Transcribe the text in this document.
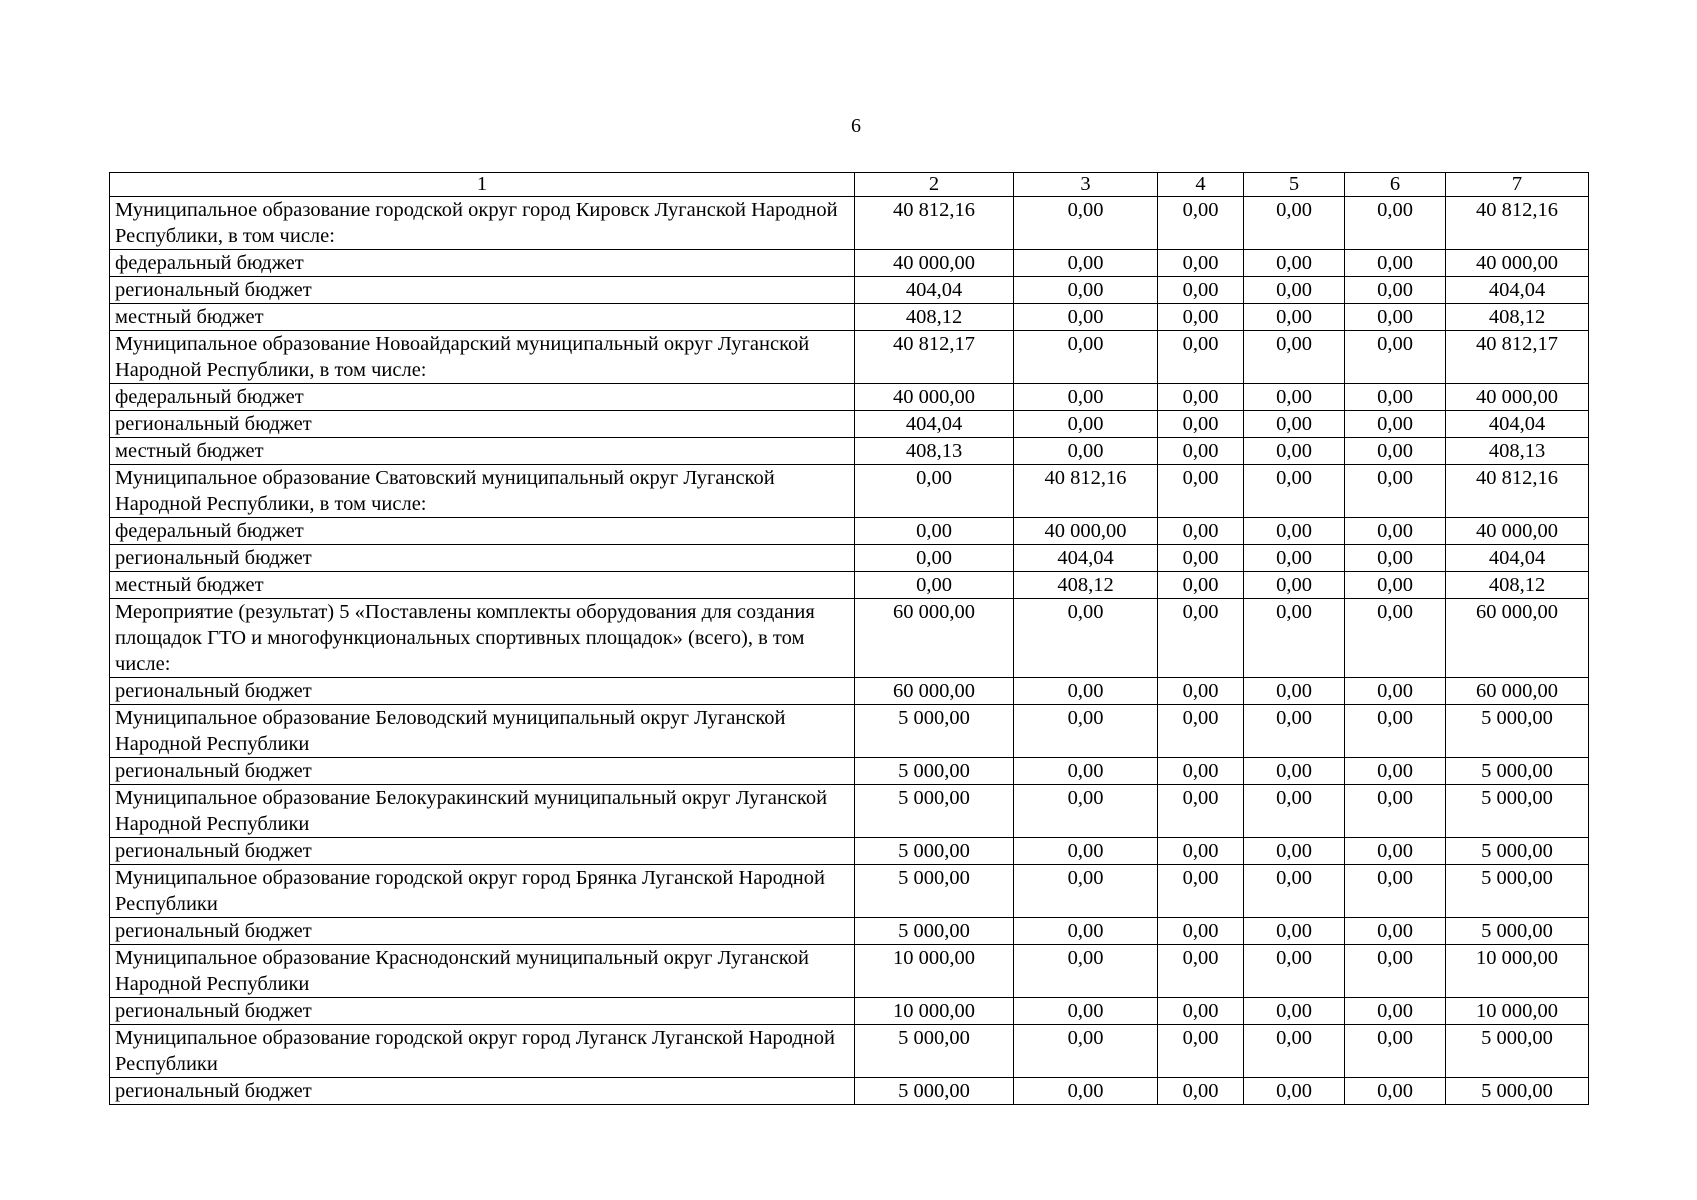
6
1	2	3	4	5	6	7
Муниципальное образование городской округ город Кировск Луганской Народной Республики, в том числе:	40 812,16	0,00	0,00	0,00	0,00	40 812,16
федеральный бюджет	40 000,00	0,00	0,00	0,00	0,00	40 000,00
региональный бюджет	404,04	0,00	0,00	0,00	0,00	404,04
местный бюджет	408,12	0,00	0,00	0,00	0,00	408,12
Муниципальное образование Новоайдарский муниципальный округ Луганской Народной Республики, в том числе:	40 812,17	0,00	0,00	0,00	0,00	40 812,17
федеральный бюджет	40 000,00	0,00	0,00	0,00	0,00	40 000,00
региональный бюджет	404,04	0,00	0,00	0,00	0,00	404,04
местный бюджет	408,13	0,00	0,00	0,00	0,00	408,13
Муниципальное образование Сватовский муниципальный округ Луганской Народной Республики, в том числе:	0,00	40 812,16	0,00	0,00	0,00	40 812,16
федеральный бюджет	0,00	40 000,00	0,00	0,00	0,00	40 000,00
региональный бюджет	0,00	404,04	0,00	0,00	0,00	404,04
местный бюджет	0,00	408,12	0,00	0,00	0,00	408,12
Мероприятие (результат) 5 «Поставлены комплекты оборудования для создания площадок ГТО и многофункциональных спортивных площадок» (всего), в том числе:	60 000,00	0,00	0,00	0,00	0,00	60 000,00
региональный бюджет	60 000,00	0,00	0,00	0,00	0,00	60 000,00
Муниципальное образование Беловодский муниципальный округ Луганской Народной Республики	5 000,00	0,00	0,00	0,00	0,00	5 000,00
региональный бюджет	5 000,00	0,00	0,00	0,00	0,00	5 000,00
Муниципальное образование Белокуракинский муниципальный округ Луганской Народной Республики	5 000,00	0,00	0,00	0,00	0,00	5 000,00
региональный бюджет	5 000,00	0,00	0,00	0,00	0,00	5 000,00
Муниципальное образование городской округ город Брянка Луганской Народной Республики	5 000,00	0,00	0,00	0,00	0,00	5 000,00
региональный бюджет	5 000,00	0,00	0,00	0,00	0,00	5 000,00
Муниципальное образование Краснодонский муниципальный округ Луганской Народной Республики	10 000,00	0,00	0,00	0,00	0,00	10 000,00
региональный бюджет	10 000,00	0,00	0,00	0,00	0,00	10 000,00
Муниципальное образование городской округ город Луганск Луганской Народной Республики	5 000,00	0,00	0,00	0,00	0,00	5 000,00
региональный бюджет	5 000,00	0,00	0,00	0,00	0,00	5 000,00
